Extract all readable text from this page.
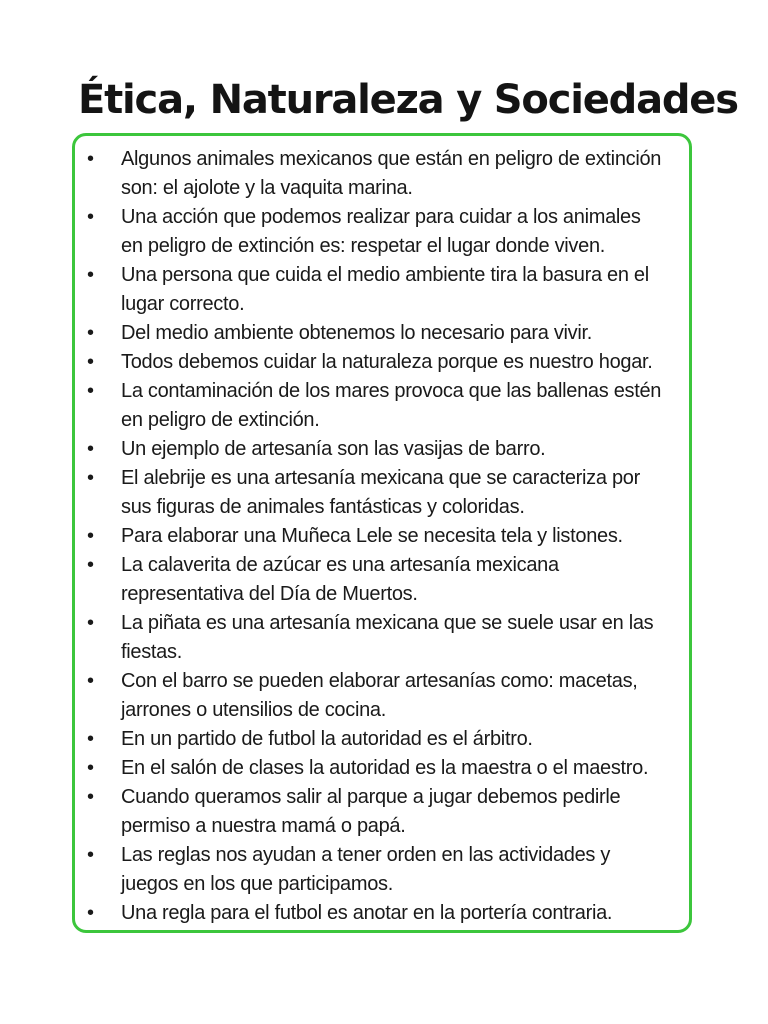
Ética, Naturaleza y Sociedades
• Algunos animales mexicanos que están en peligro de extinción son: el ajolote y la vaquita marina.
• Una acción que podemos realizar para cuidar a los animales en peligro de extinción es: respetar el lugar donde viven.
• Una persona que cuida el medio ambiente tira la basura en el lugar correcto.
• Del medio ambiente obtenemos lo necesario para vivir.
• Todos debemos cuidar la naturaleza porque es nuestro hogar.
• La contaminación de los mares provoca que las ballenas estén en peligro de extinción.
• Un ejemplo de artesanía son las vasijas de barro.
• El alebrije es una artesanía mexicana que se caracteriza por sus figuras de animales fantásticas y coloridas.
• Para elaborar una Muñeca Lele se necesita tela y listones.
• La calaverita de azúcar es una artesanía mexicana representativa del Día de Muertos.
• La piñata es una artesanía mexicana que se suele usar en las fiestas.
• Con el barro se pueden elaborar artesanías como: macetas, jarrones o utensilios de cocina.
• En un partido de futbol la autoridad es el árbitro.
• En el salón de clases la autoridad es la maestra o el maestro.
• Cuando queramos salir al parque a jugar debemos pedirle permiso a nuestra mamá o papá.
• Las reglas nos ayudan a tener orden en las actividades y juegos en los que participamos.
• Una regla para el futbol es anotar en la portería contraria.
